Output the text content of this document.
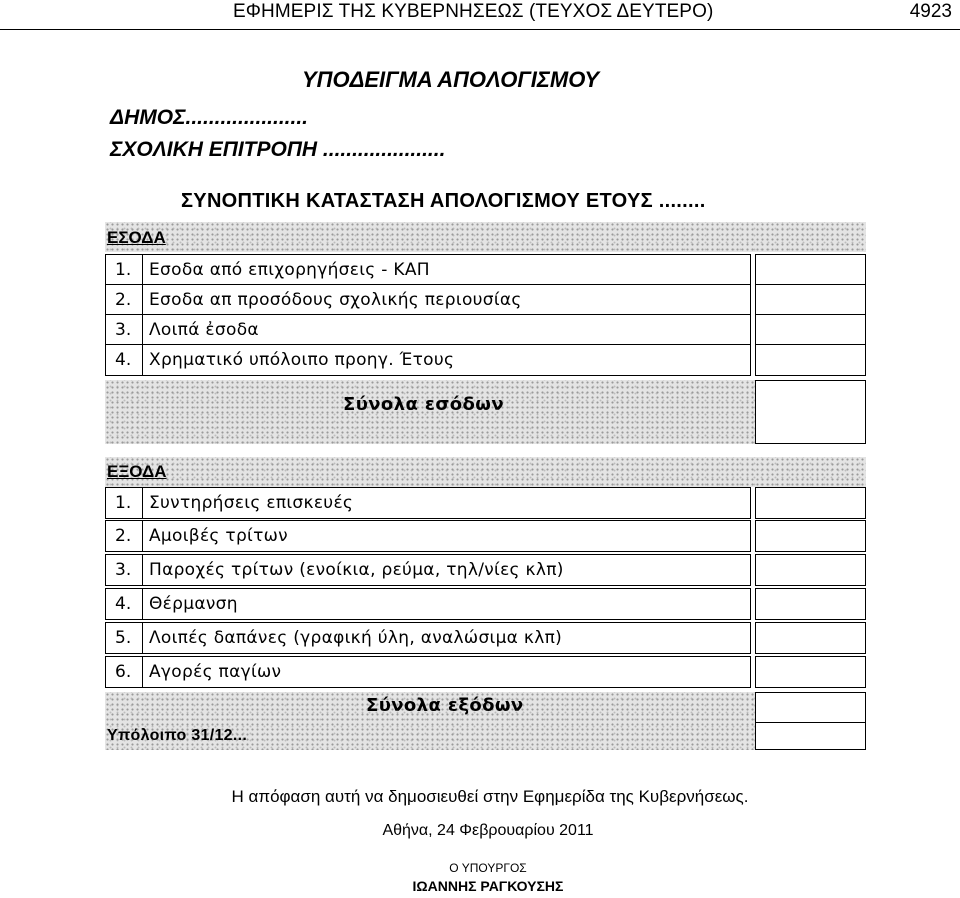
ΕΦΗΜΕΡΙΣ ΤΗΣ ΚΥΒΕΡΝΗΣΕΩΣ (ΤΕΥΧΟΣ ΔΕΥΤΕΡΟ)	4923
ΥΠΟΔΕΙΓΜΑ ΑΠΟΛΟΓΙΣΜΟΥ
ΔΗΜΟΣ.....................
ΣΧΟΛΙΚΗ ΕΠΙΤΡΟΠΗ .....................
ΣΥΝΟΠΤΙΚΗ ΚΑΤΑΣΤΑΣΗ ΑΠΟΛΟΓΙΣΜΟΥ ΕΤΟΥΣ ........
ΕΣΟΔΑ
1.	Εσοδα από επιχορηγήσεις - ΚΑΠ
2.	Εσοδα απ προσόδους σχολικής περιουσίας
3.	Λοιπά ἐσοδα
4.	Χρηματικό υπόλοιπο προηγ. Έτους
Σύνολα εσόδων
ΕΞΟΔΑ
1.	Συντηρήσεις επισκευές
2.	Αμοιβές τρίτων
3.	Παροχές τρίτων (ενοίκια, ρεύμα, τηλ/νίες κλπ)
4.	Θέρμανση
5.	Λοιπές δαπάνες (γραφική ύλη, αναλώσιμα κλπ)
6.	Αγορές παγίων
Σύνολα εξόδων
Υπόλοιπο 31/12...
Η απόφαση αυτή να δημοσιευθεί στην Εφημερίδα της Κυβερνήσεως.
Αθήνα, 24 Φεβρουαρίου 2011
Ο ΥΠΟΥΡΓΟΣ
ΙΩΑΝΝΗΣ ΡΑΓΚΟΥΣΗΣ
